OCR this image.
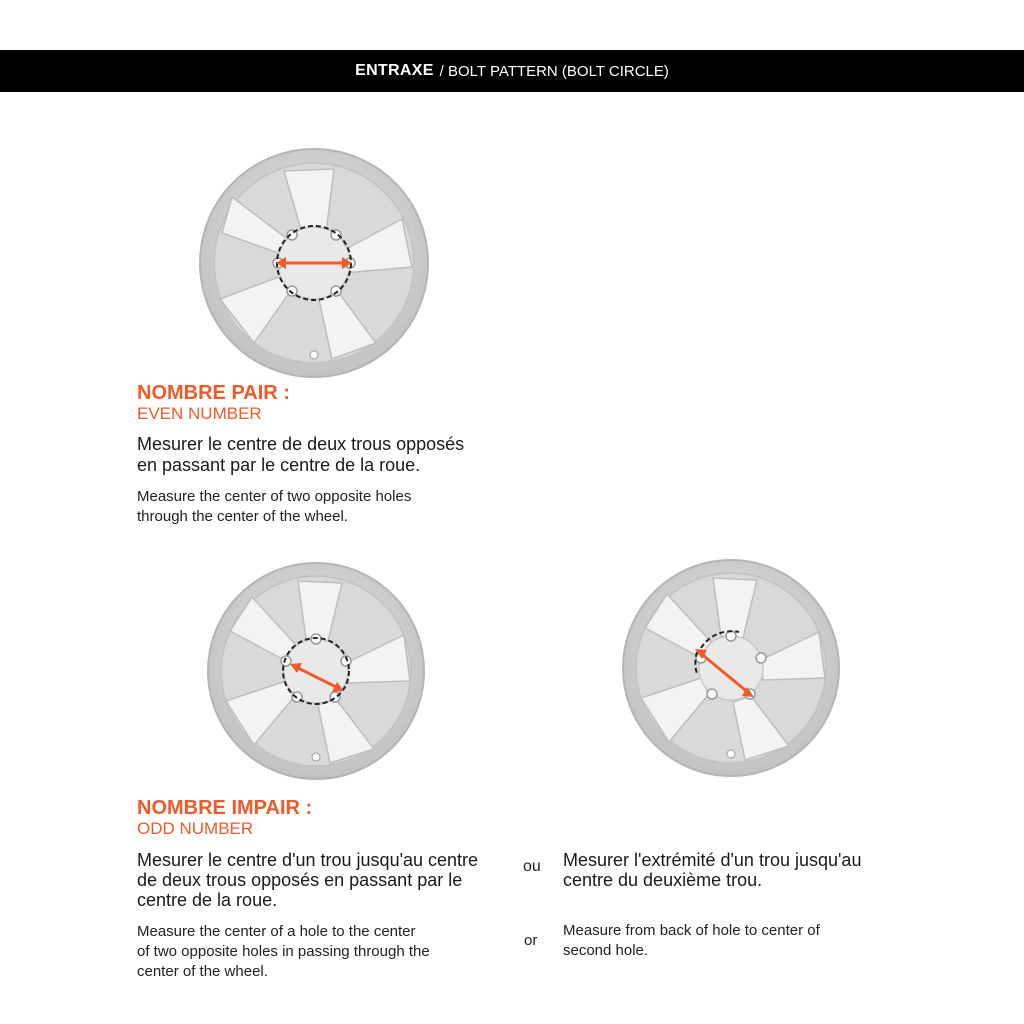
ENTRAXE / BOLT PATTERN (BOLT CIRCLE)
NOMBRE PAIR :
EVEN NUMBER
Mesurer le centre de deux trous opposés
en passant par le centre de la roue.
Measure the center of two opposite holes
through the center of the wheel.
NOMBRE IMPAIR :
ODD NUMBER
Mesurer le centre d'un trou jusqu'au centre
de deux trous opposés en passant par le
centre de la roue.
Measure the center of a hole to the center
of two opposite holes in passing through the
center of the wheel.
ou
or
Mesurer l'extrémité d'un trou jusqu'au
centre du deuxième trou.
Measure from back of hole to center of
second hole.
